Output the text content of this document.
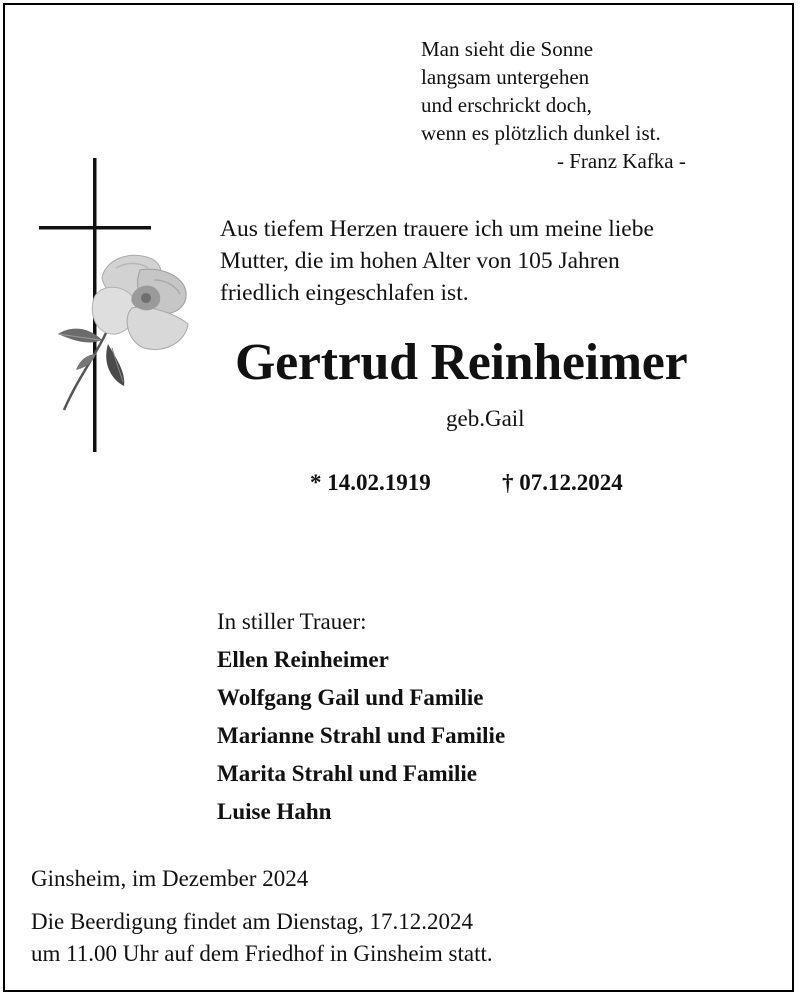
Man sieht die Sonne
langsam untergehen
und erschrickt doch,
wenn es plötzlich dunkel ist.
- Franz Kafka -
Aus tiefem Herzen trauere ich um meine liebe
Mutter, die im hohen Alter von 105 Jahren
friedlich eingeschlafen ist.
Gertrud Reinheimer
geb.Gail
* 14.02.1919	† 07.12.2024
In stiller Trauer:
Ellen Reinheimer
Wolfgang Gail und Familie
Marianne Strahl und Familie
Marita Strahl und Familie
Luise Hahn
Ginsheim, im Dezember 2024
Die Beerdigung findet am Dienstag, 17.12.2024
um 11.00 Uhr auf dem Friedhof in Ginsheim statt.
